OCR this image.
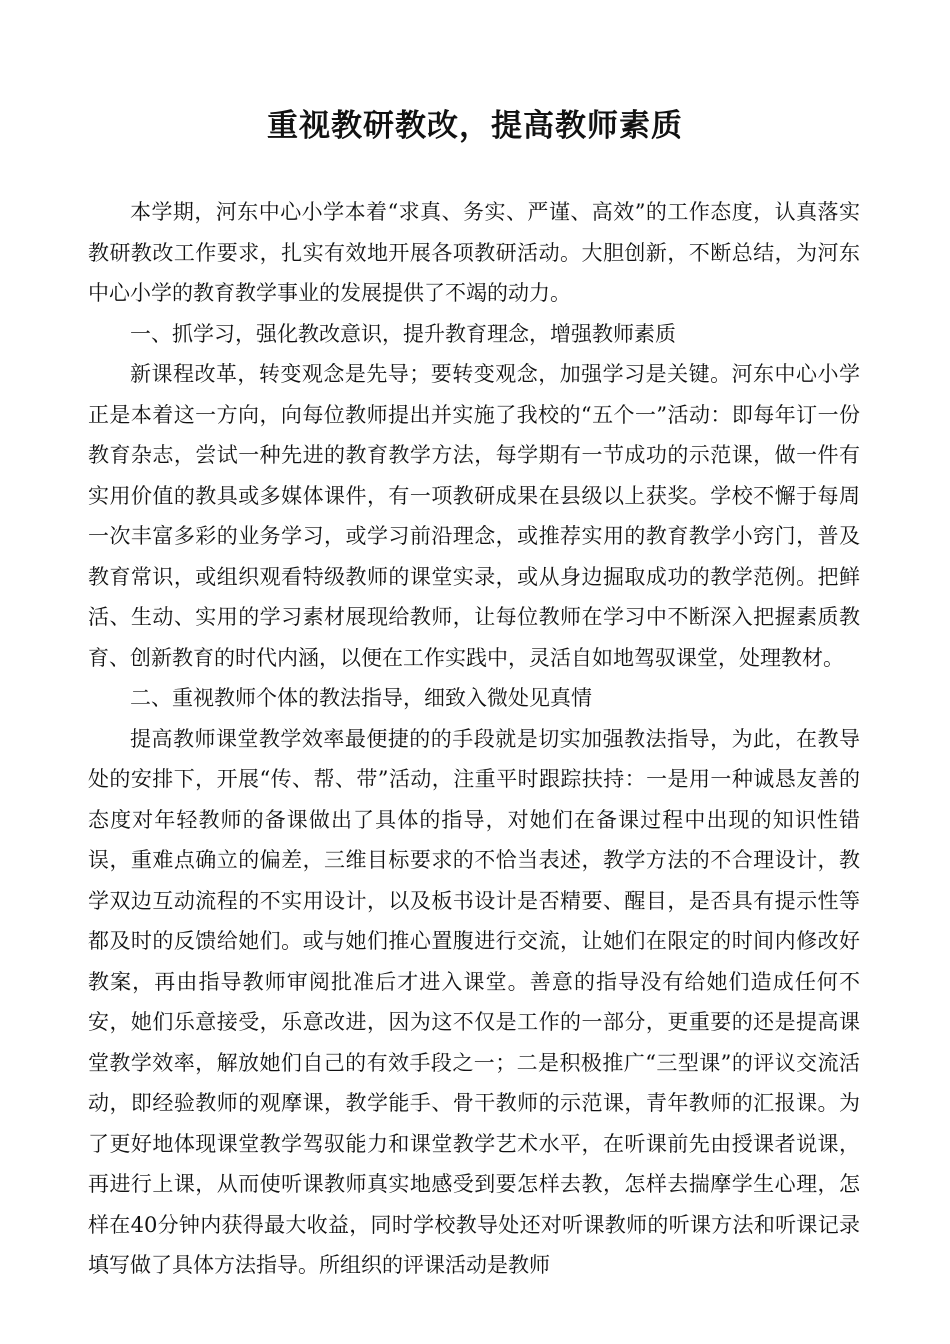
重视教研教改，提高教师素质

本学期，河东中心小学本着“求真、务实、严谨、高效”的工作态度，认真落实教研教改工作要求，扎实有效地开展各项教研活动。大胆创新，不断总结，为河东中心小学的教育教学事业的发展提供了不竭的动力。

一、抓学习，强化教改意识，提升教育理念，增强教师素质

新课程改革，转变观念是先导；要转变观念，加强学习是关键。河东中心小学正是本着这一方向，向每位教师提出并实施了我校的“五个一”活动：即每年订一份教育杂志，尝试一种先进的教育教学方法，每学期有一节成功的示范课，做一件有实用价值的教具或多媒体课件，有一项教研成果在县级以上获奖。学校不懈于每周一次丰富多彩的业务学习，或学习前沿理念，或推荐实用的教育教学小窍门，普及教育常识，或组织观看特级教师的课堂实录，或从身边掘取成功的教学范例。把鲜活、生动、实用的学习素材展现给教师，让每位教师在学习中不断深入把握素质教育、创新教育的时代内涵，以便在工作实践中，灵活自如地驾驭课堂，处理教材。

二、重视教师个体的教法指导，细致入微处见真情

提高教师课堂教学效率最便捷的的手段就是切实加强教法指导，为此，在教导处的安排下，开展“传、帮、带”活动，注重平时跟踪扶持：一是用一种诚恳友善的态度对年轻教师的备课做出了具体的指导，对她们在备课过程中出现的知识性错误，重难点确立的偏差，三维目标要求的不恰当表述，教学方法的不合理设计，教学双边互动流程的不实用设计，以及板书设计是否精要、醒目，是否具有提示性等都及时的反馈给她们。或与她们推心置腹进行交流，让她们在限定的时间内修改好教案，再由指导教师审阅批准后才进入课堂。善意的指导没有给她们造成任何不安，她们乐意接受，乐意改进，因为这不仅是工作的一部分，更重要的还是提高课堂教学效率，解放她们自己的有效手段之一；二是积极推广“三型课”的评议交流活动，即经验教师的观摩课，教学能手、骨干教师的示范课，青年教师的汇报课。为了更好地体现课堂教学驾驭能力和课堂教学艺术水平，在听课前先由授课者说课，再进行上课，从而使听课教师真实地感受到要怎样去教，怎样去揣摩学生心理，怎样在40分钟内获得最大收益，同时学校教导处还对听课教师的听课方法和听课记录填写做了具体方法指导。所组织的评课活动是教师
